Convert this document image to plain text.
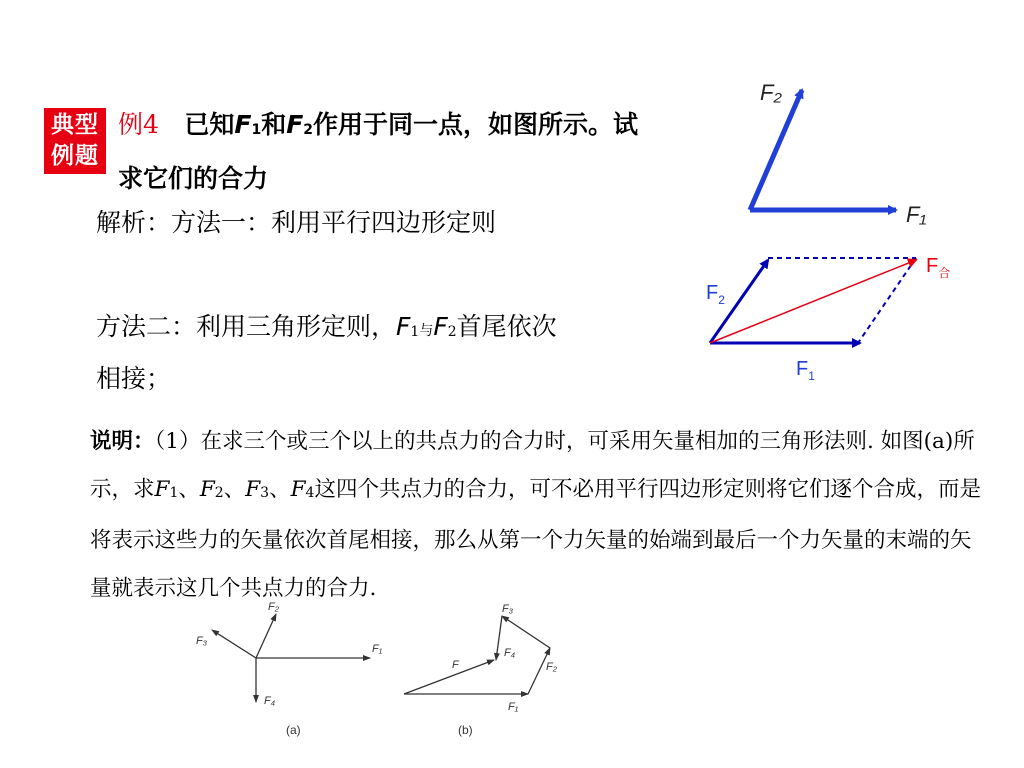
典型
例题
例4 已知$F_1$和$F_2$作用于同一点，如图所示。试
求它们的合力
解析：方法一：利用平行四边形定则
方法二：利用三角形定则，$F_1$与$F_2$首尾依次
相接；
说明：（1）在求三个或三个以上的共点力的合力时，可采用矢量相加的三角形法则. 如图(a)所示，求$F_1$、$F_2$、$F_3$、$F_4$这四个共点力的合力，可不必用平行四边形定则将它们逐个合成，而是将表示这些力的矢量依次首尾相接，那么从第一个力矢量的始端到最后一个力矢量的末端的矢量就表示这几个共点力的合力.
F₂
F₁
$F_合$
$F_2$
$F_1$
F₁
F₂
F₃
F₄
(a)
F
F₁
F₂
F₃
F₄
(b)
